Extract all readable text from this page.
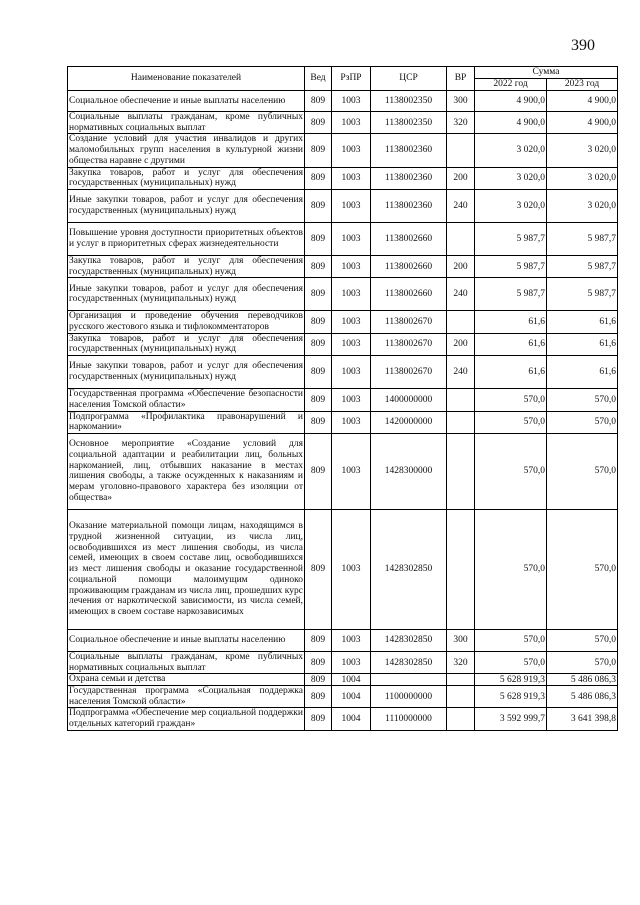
390
Наименование показателей	Вед	РзПР	ЦСР	ВР	Сумма	
					2022 год	2023 год
Социальное обеспечение и иные выплаты населению	809	1003	1138002350	300	4 900,0	4 900,0
Социальные выплаты гражданам, кроме публичных нормативных социальных выплат	809	1003	1138002350	320	4 900,0	4 900,0
Создание условий для участия инвалидов и других маломобильных групп населения в культурной жизни общества наравне с другими	809	1003	1138002360		3 020,0	3 020,0
Закупка товаров, работ и услуг для обеспечения государственных (муниципальных) нужд	809	1003	1138002360	200	3 020,0	3 020,0
Иные закупки товаров, работ и услуг для обеспечения государственных (муниципальных) нужд	809	1003	1138002360	240	3 020,0	3 020,0
Повышение уровня доступности приоритетных объектов и услуг в приоритетных сферах жизнедеятельности	809	1003	1138002660		5 987,7	5 987,7
Закупка товаров, работ и услуг для обеспечения государственных (муниципальных) нужд	809	1003	1138002660	200	5 987,7	5 987,7
Иные закупки товаров, работ и услуг для обеспечения государственных (муниципальных) нужд	809	1003	1138002660	240	5 987,7	5 987,7
Организация и проведение обучения переводчиков русского жестового языка и тифлокомментаторов	809	1003	1138002670		61,6	61,6
Закупка товаров, работ и услуг для обеспечения государственных (муниципальных) нужд	809	1003	1138002670	200	61,6	61,6
Иные закупки товаров, работ и услуг для обеспечения государственных (муниципальных) нужд	809	1003	1138002670	240	61,6	61,6
Государственная программа «Обеспечение безопасности населения Томской области»	809	1003	1400000000		570,0	570,0
Подпрограмма «Профилактика правонарушений и наркомании»	809	1003	1420000000		570,0	570,0
Основное мероприятие «Создание условий для социальной адаптации и реабилитации лиц, больных наркоманией, лиц, отбывших наказание в местах лишения свободы, а также осужденных к наказаниям и мерам уголовно-правового характера без изоляции от общества»	809	1003	1428300000		570,0	570,0
Оказание материальной помощи лицам, находящимся в трудной жизненной ситуации, из числа лиц, освободившихся из мест лишения свободы, из числа семей, имеющих в своем составе лиц, освободившихся из мест лишения свободы и оказание государственной социальной помощи малоимущим одиноко проживающим гражданам из числа лиц, прошедших курс лечения от наркотической зависимости, из числа семей, имеющих в своем составе наркозависимых	809	1003	1428302850		570,0	570,0
Социальное обеспечение и иные выплаты населению	809	1003	1428302850	300	570,0	570,0
Социальные выплаты гражданам, кроме публичных нормативных социальных выплат	809	1003	1428302850	320	570,0	570,0
Охрана семьи и детства	809	1004			5 628 919,3	5 486 086,3
Государственная программа «Социальная поддержка населения Томской области»	809	1004	1100000000		5 628 919,3	5 486 086,3
Подпрограмма «Обеспечение мер социальной поддержки отдельных категорий граждан»	809	1004	1110000000		3 592 999,7	3 641 398,8
